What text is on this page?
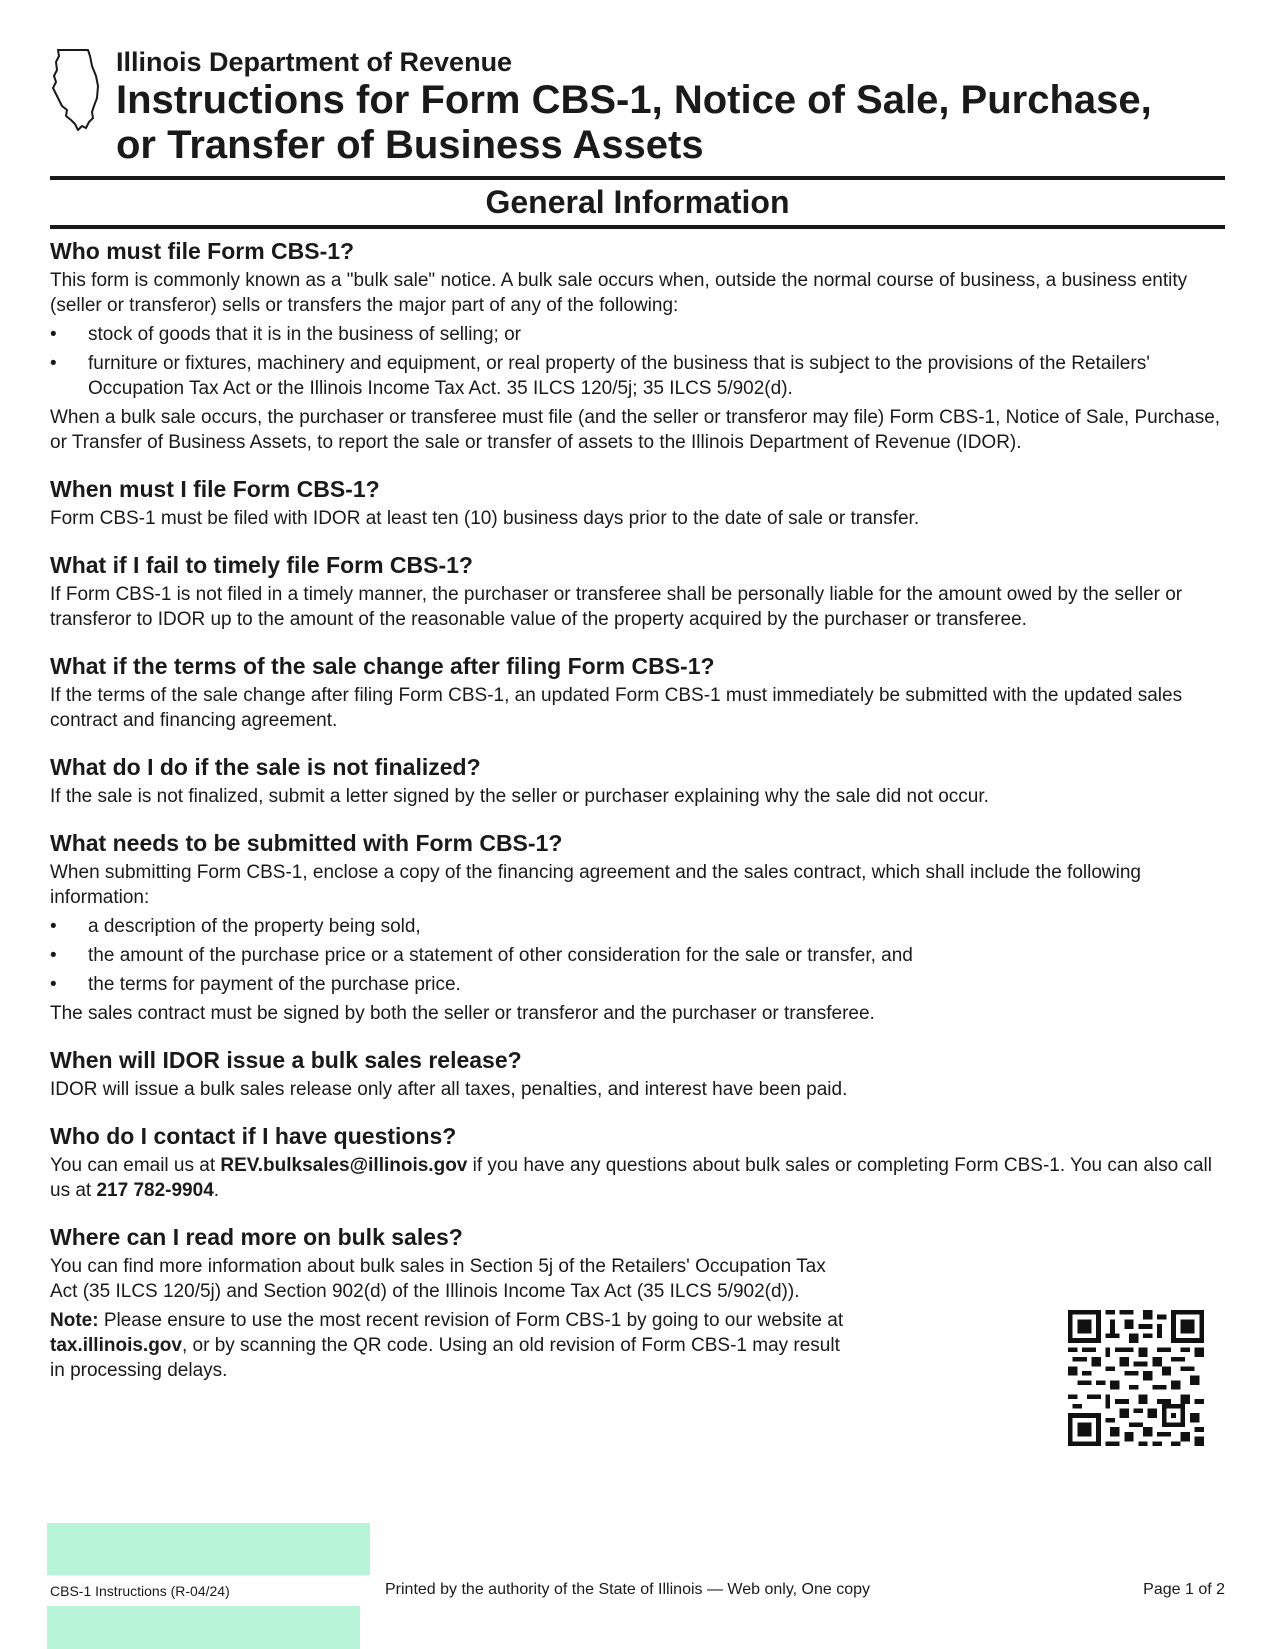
Illinois Department of Revenue
Instructions for Form CBS-1, Notice of Sale, Purchase,
or Transfer of Business Assets
General Information
Who must file Form CBS-1?
This form is commonly known as a "bulk sale" notice. A bulk sale occurs when, outside the normal course of business, a business entity (seller or transferor) sells or transfers the major part of any of the following:
• stock of goods that it is in the business of selling; or
• furniture or fixtures, machinery and equipment, or real property of the business that is subject to the provisions of the Retailers' Occupation Tax Act or the Illinois Income Tax Act. 35 ILCS 120/5j; 35 ILCS 5/902(d).
When a bulk sale occurs, the purchaser or transferee must file (and the seller or transferor may file) Form CBS-1, Notice of Sale, Purchase, or Transfer of Business Assets, to report the sale or transfer of assets to the Illinois Department of Revenue (IDOR).
When must I file Form CBS-1?
Form CBS-1 must be filed with IDOR at least ten (10) business days prior to the date of sale or transfer.
What if I fail to timely file Form CBS-1?
If Form CBS-1 is not filed in a timely manner, the purchaser or transferee shall be personally liable for the amount owed by the seller or transferor to IDOR up to the amount of the reasonable value of the property acquired by the purchaser or transferee.
What if the terms of the sale change after filing Form CBS-1?
If the terms of the sale change after filing Form CBS-1, an updated Form CBS-1 must immediately be submitted with the updated sales contract and financing agreement.
What do I do if the sale is not finalized?
If the sale is not finalized, submit a letter signed by the seller or purchaser explaining why the sale did not occur.
What needs to be submitted with Form CBS-1?
When submitting Form CBS-1, enclose a copy of the financing agreement and the sales contract, which shall include the following information:
• a description of the property being sold,
• the amount of the purchase price or a statement of other consideration for the sale or transfer, and
• the terms for payment of the purchase price.
The sales contract must be signed by both the seller or transferor and the purchaser or transferee.
When will IDOR issue a bulk sales release?
IDOR will issue a bulk sales release only after all taxes, penalties, and interest have been paid.
Who do I contact if I have questions?
You can email us at REV.bulksales@illinois.gov if you have any questions about bulk sales or completing Form CBS-1. You can also call us at 217 782-9904.
Where can I read more on bulk sales?
You can find more information about bulk sales in Section 5j of the Retailers' Occupation Tax Act (35 ILCS 120/5j) and Section 902(d) of the Illinois Income Tax Act (35 ILCS 5/902(d)).
Note: Please ensure to use the most recent revision of Form CBS-1 by going to our website at tax.illinois.gov, or by scanning the QR code. Using an old revision of Form CBS-1 may result in processing delays.
CBS-1 Instructions (R-04/24)	Printed by the authority of the State of Illinois — Web only, One copy	Page 1 of 2
